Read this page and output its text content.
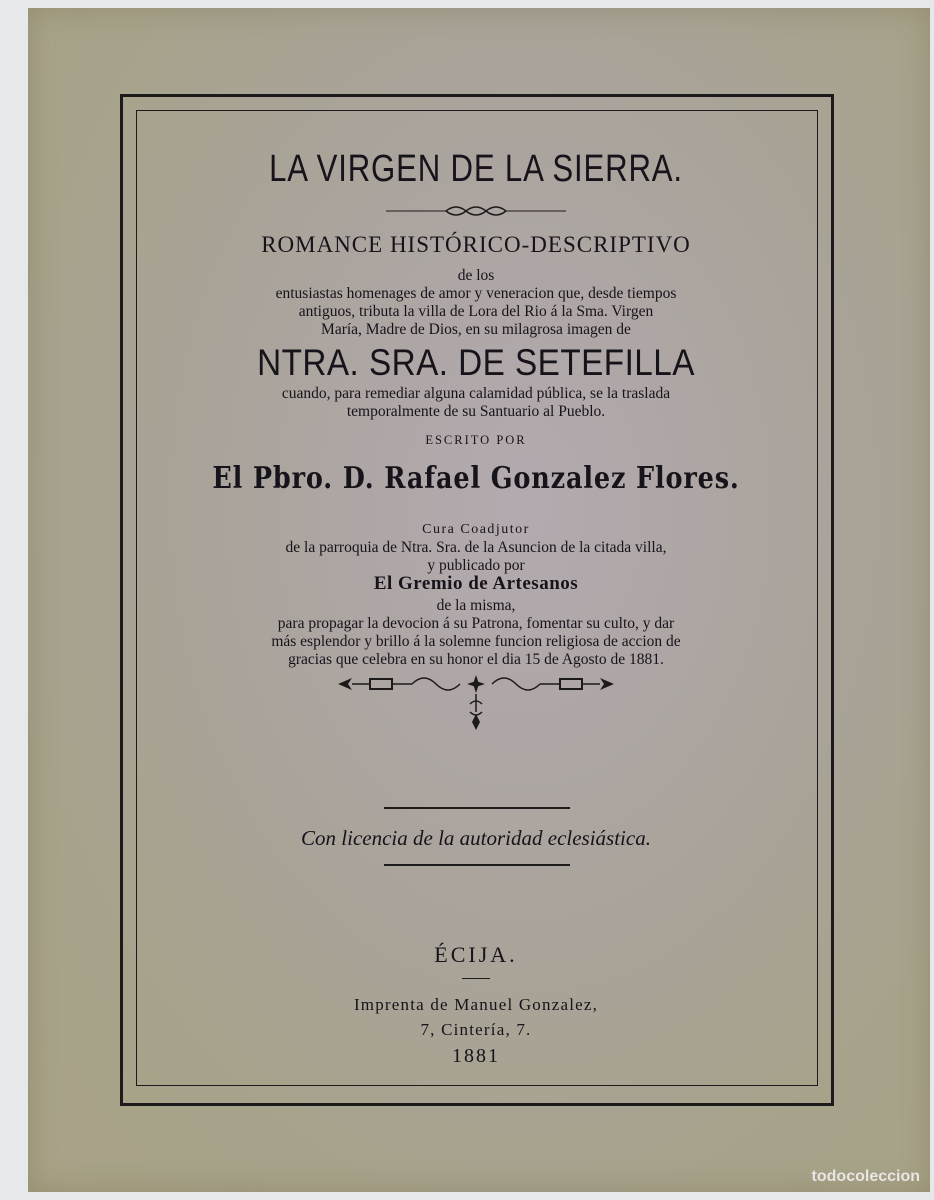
LA VIRGEN DE LA SIERRA.
ROMANCE HISTÓRICO-DESCRIPTIVO
de los
entusiastas homenages de amor y veneracion que, desde tiempos
antiguos, tributa la villa de Lora del Rio á la Sma. Virgen
María, Madre de Dios, en su milagrosa imagen de
NTRA. SRA. DE SETEFILLA
cuando, para remediar alguna calamidad pública, se la traslada
temporalmente de su Santuario al Pueblo.
ESCRITO POR
El Pbro. D. Rafael Gonzalez Flores.
Cura Coadjutor
de la parroquia de Ntra. Sra. de la Asuncion de la citada villa,
y publicado por
El Gremio de Artesanos
de la misma,
para propagar la devocion á su Patrona, fomentar su culto, y dar
más esplendor y brillo á la solemne funcion religiosa de accion de
gracias que celebra en su honor el dia 15 de Agosto de 1881.
Con licencia de la autoridad eclesiástica.
ÉCIJA.
Imprenta de Manuel Gonzalez,
7, Cintería, 7.
1881
todocoleccion
